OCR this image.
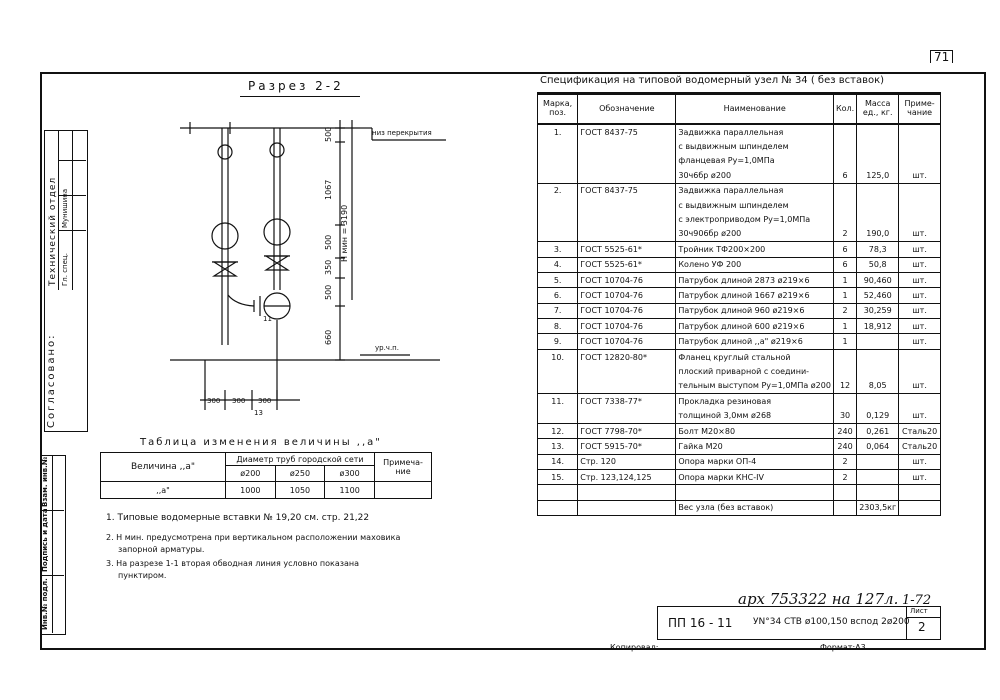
71
Согласовано:
Технический отдел Гл. спец.
Мунишина
Инв.№ подл.
Подпись и дата
Взам. инв.№
Разрез 2-2
низ перекрытия
ур.ч.п.
500
1067
500
350
500
660
Н мин = 3190
300 300 300
13
11
Спецификация на типовой водомерный узел № 34 ( без вставок)
Марка, поз.	Обозначение	Наименование	Кол.	Масса ед., кг.	Приме- чание
1.	ГОСТ 8437-75	Задвижка параллельная			
		с выдвижным шпинделем			
		фланцевая Ру=1,0МПа			
		30ч6бр ø200	6	125,0	шт.
2.	ГОСТ 8437-75	Задвижка параллельная			
		с выдвижным шпинделем			
		с электроприводом Ру=1,0МПа			
		30ч906бр ø200	2	190,0	шт.
3.	ГОСТ 5525-61*	Тройник ТФ200×200	6	78,3	шт.
4.	ГОСТ 5525-61*	Колено УФ 200	6	50,8	шт.
5.	ГОСТ 10704-76	Патрубок длиной 2873 ø219×6	1	90,460	шт.
6.	ГОСТ 10704-76	Патрубок длиной 1667 ø219×6	1	52,460	шт.
7.	ГОСТ 10704-76	Патрубок длиной 960 ø219×6	2	30,259	шт.
8.	ГОСТ 10704-76	Патрубок длиной 600 ø219×6	1	18,912	шт.
9.	ГОСТ 10704-76	Патрубок длиной ,,а" ø219×6	1		шт.
10.	ГОСТ 12820-80*	Фланец круглый стальной			
		плоский приварной с соедини-			
		тельным выступом Ру=1,0МПа ø200	12	8,05	шт.
11.	ГОСТ 7338-77*	Прокладка резиновая			
		толщиной 3,0мм ø268	30	0,129	шт.
12.	ГОСТ 7798-70*	Болт М20×80	240	0,261	Сталь20
13.	ГОСТ 5915-70*	Гайка М20	240	0,064	Сталь20
14.	Стр. 120	Опора марки ОП-4	2		шт.
15.	Стр. 123,124,125	Опора марки КНС-IV	2		шт.

		Вес узла (без вставок)		2303,5кг	
Таблица изменения величины ,,а"
Величина ,,а"	Диаметр труб городской сети			Примеча- ние
	ø200	ø250	ø300	
,,а"	1000	1050	1100	
1. Типовые водомерные вставки № 19,20 см. стр. 21,22
2. Н мин. предусмотрена при вертикальном расположении маховика
запорной арматуры.
3. На разрезе 1-1 вторая обводная линия условно показана
пунктиром.
арх 753322 на 127л. 1-72
ПП 16 - 11 УN°34 СТВ ø100,150 вспод 2ø200
Лист
2
Копировал:	Формат:А3
